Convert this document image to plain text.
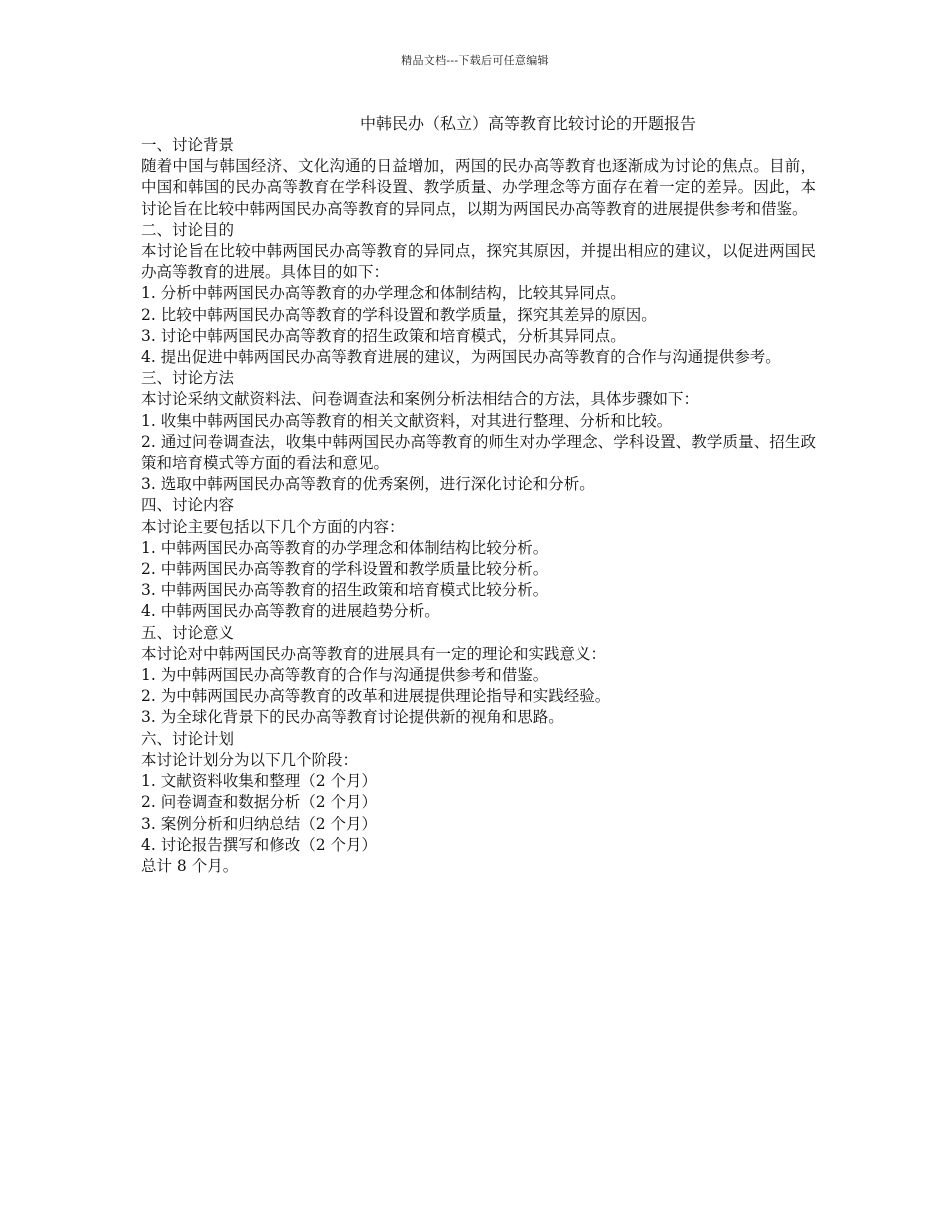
精品文档---下载后可任意编辑
中韩民办（私立）高等教育比较讨论的开题报告

一、讨论背景

随着中国与韩国经济、文化沟通的日益增加，两国的民办高等教育也逐渐成为讨论的焦点。目前，中国和韩国的民办高等教育在学科设置、教学质量、办学理念等方面存在着一定的差异。因此，本讨论旨在比较中韩两国民办高等教育的异同点，以期为两国民办高等教育的进展提供参考和借鉴。

二、讨论目的

本讨论旨在比较中韩两国民办高等教育的异同点，探究其原因，并提出相应的建议，以促进两国民办高等教育的进展。具体目的如下：

1. 分析中韩两国民办高等教育的办学理念和体制结构，比较其异同点。

2. 比较中韩两国民办高等教育的学科设置和教学质量，探究其差异的原因。

3. 讨论中韩两国民办高等教育的招生政策和培育模式，分析其异同点。

4. 提出促进中韩两国民办高等教育进展的建议，为两国民办高等教育的合作与沟通提供参考。

三、讨论方法

本讨论采纳文献资料法、问卷调查法和案例分析法相结合的方法，具体步骤如下：

1. 收集中韩两国民办高等教育的相关文献资料，对其进行整理、分析和比较。

2. 通过问卷调查法，收集中韩两国民办高等教育的师生对办学理念、学科设置、教学质量、招生政策和培育模式等方面的看法和意见。

3. 选取中韩两国民办高等教育的优秀案例，进行深化讨论和分析。

四、讨论内容

本讨论主要包括以下几个方面的内容：

1. 中韩两国民办高等教育的办学理念和体制结构比较分析。

2. 中韩两国民办高等教育的学科设置和教学质量比较分析。

3. 中韩两国民办高等教育的招生政策和培育模式比较分析。

4. 中韩两国民办高等教育的进展趋势分析。

五、讨论意义

本讨论对中韩两国民办高等教育的进展具有一定的理论和实践意义：

1. 为中韩两国民办高等教育的合作与沟通提供参考和借鉴。

2. 为中韩两国民办高等教育的改革和进展提供理论指导和实践经验。

3. 为全球化背景下的民办高等教育讨论提供新的视角和思路。

六、讨论计划

本讨论计划分为以下几个阶段：

1. 文献资料收集和整理（2 个月）

2. 问卷调查和数据分析（2 个月）

3. 案例分析和归纳总结（2 个月）

4. 讨论报告撰写和修改（2 个月）

总计 8 个月。
